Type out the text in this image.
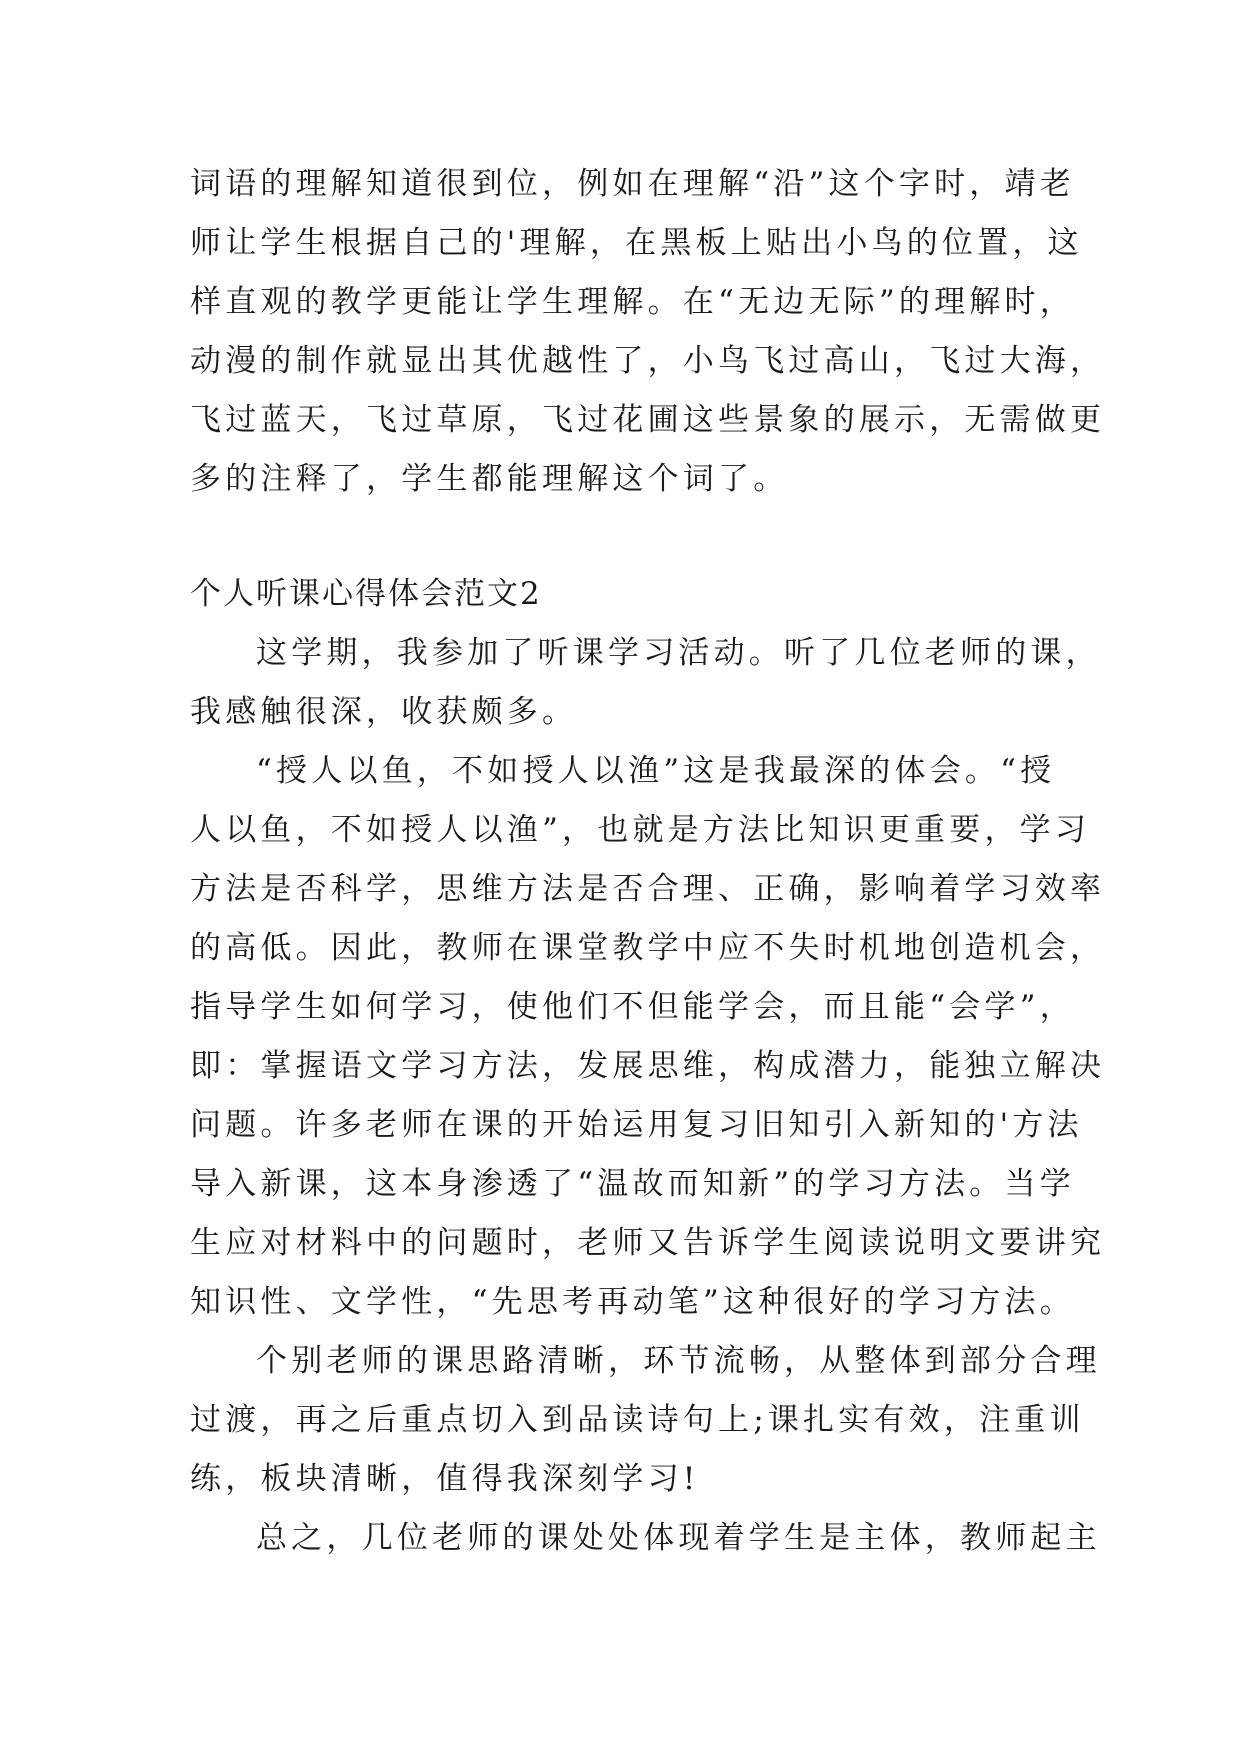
词语的理解知道很到位，例如在理解“沿”这个字时，靖老
师让学生根据自己的'理解，在黑板上贴出小鸟的位置，这
样直观的教学更能让学生理解。在“无边无际”的理解时，
动漫的制作就显出其优越性了，小鸟飞过高山，飞过大海，
飞过蓝天，飞过草原，飞过花圃这些景象的展示，无需做更
多的注释了，学生都能理解这个词了。
个人听课心得体会范文2
这学期，我参加了听课学习活动。听了几位老师的课，
我感触很深，收获颇多。
“授人以鱼，不如授人以渔”这是我最深的体会。“授
人以鱼，不如授人以渔”，也就是方法比知识更重要，学习
方法是否科学，思维方法是否合理、正确，影响着学习效率
的高低。因此，教师在课堂教学中应不失时机地创造机会，
指导学生如何学习，使他们不但能学会，而且能“会学”，
即：掌握语文学习方法，发展思维，构成潜力，能独立解决
问题。许多老师在课的开始运用复习旧知引入新知的'方法
导入新课，这本身渗透了“温故而知新”的学习方法。当学
生应对材料中的问题时，老师又告诉学生阅读说明文要讲究
知识性、文学性，“先思考再动笔”这种很好的学习方法。
个别老师的课思路清晰，环节流畅，从整体到部分合理
过渡，再之后重点切入到品读诗句上;课扎实有效，注重训
练，板块清晰，值得我深刻学习!
总之，几位老师的课处处体现着学生是主体，教师起主
